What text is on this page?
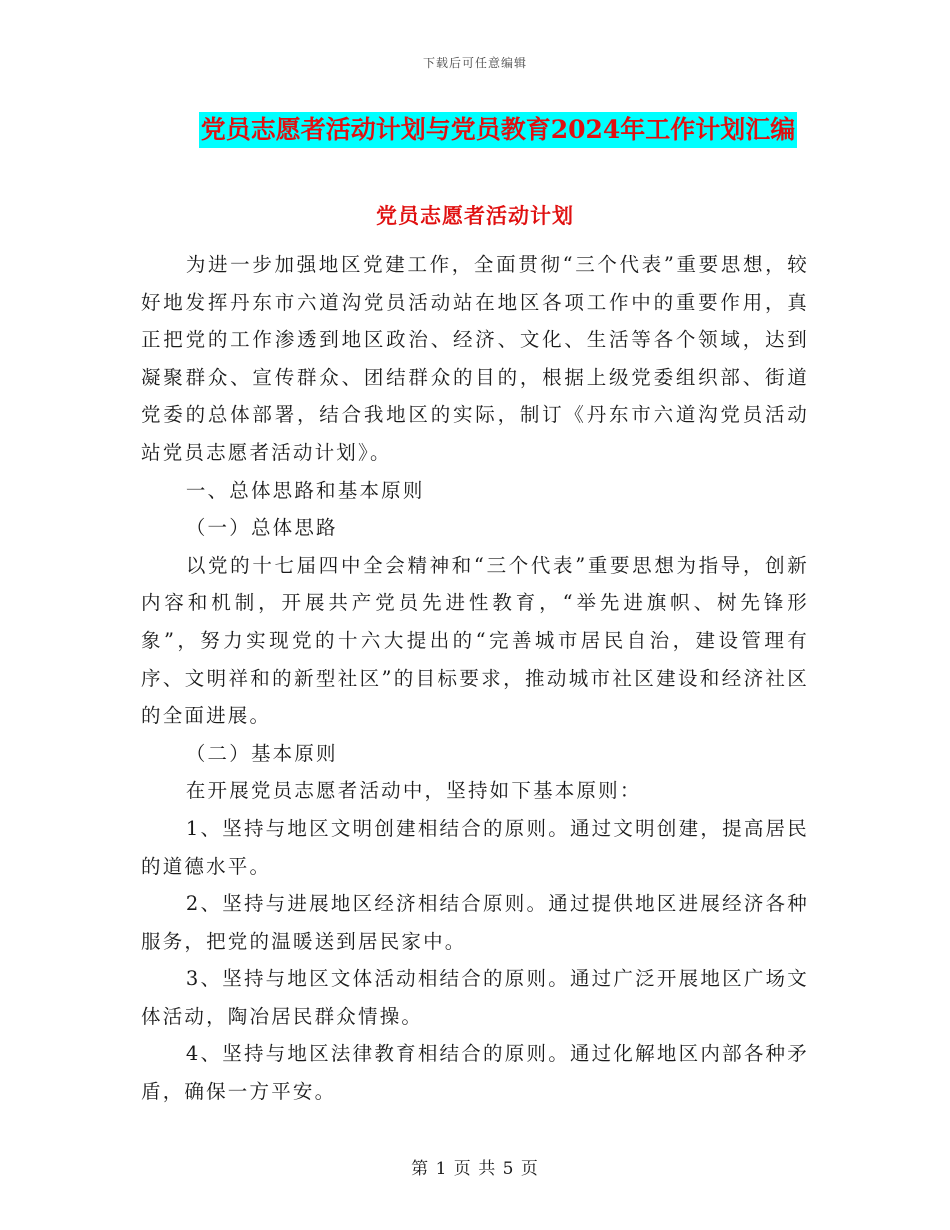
下载后可任意编辑
党员志愿者活动计划与党员教育2024年工作计划汇编
党员志愿者活动计划

为进一步加强地区党建工作，全面贯彻“三个代表”重要思想，较好地发挥丹东市六道沟党员活动站在地区各项工作中的重要作用，真正把党的工作渗透到地区政治、经济、文化、生活等各个领域，达到凝聚群众、宣传群众、团结群众的目的，根据上级党委组织部、街道党委的总体部署，结合我地区的实际，制订《丹东市六道沟党员活动站党员志愿者活动计划》。

一、总体思路和基本原则

（一）总体思路

以党的十七届四中全会精神和“三个代表”重要思想为指导，创新内容和机制，开展共产党员先进性教育，“举先进旗帜、树先锋形象”，努力实现党的十六大提出的“完善城市居民自治，建设管理有序、文明祥和的新型社区”的目标要求，推动城市社区建设和经济社区的全面进展。

（二）基本原则

在开展党员志愿者活动中，坚持如下基本原则：

1、坚持与地区文明创建相结合的原则。通过文明创建，提高居民的道德水平。

2、坚持与进展地区经济相结合原则。通过提供地区进展经济各种服务，把党的温暖送到居民家中。

3、坚持与地区文体活动相结合的原则。通过广泛开展地区广场文体活动，陶冶居民群众情操。

4、坚持与地区法律教育相结合的原则。通过化解地区内部各种矛盾，确保一方平安。

第 1 页 共 5 页
